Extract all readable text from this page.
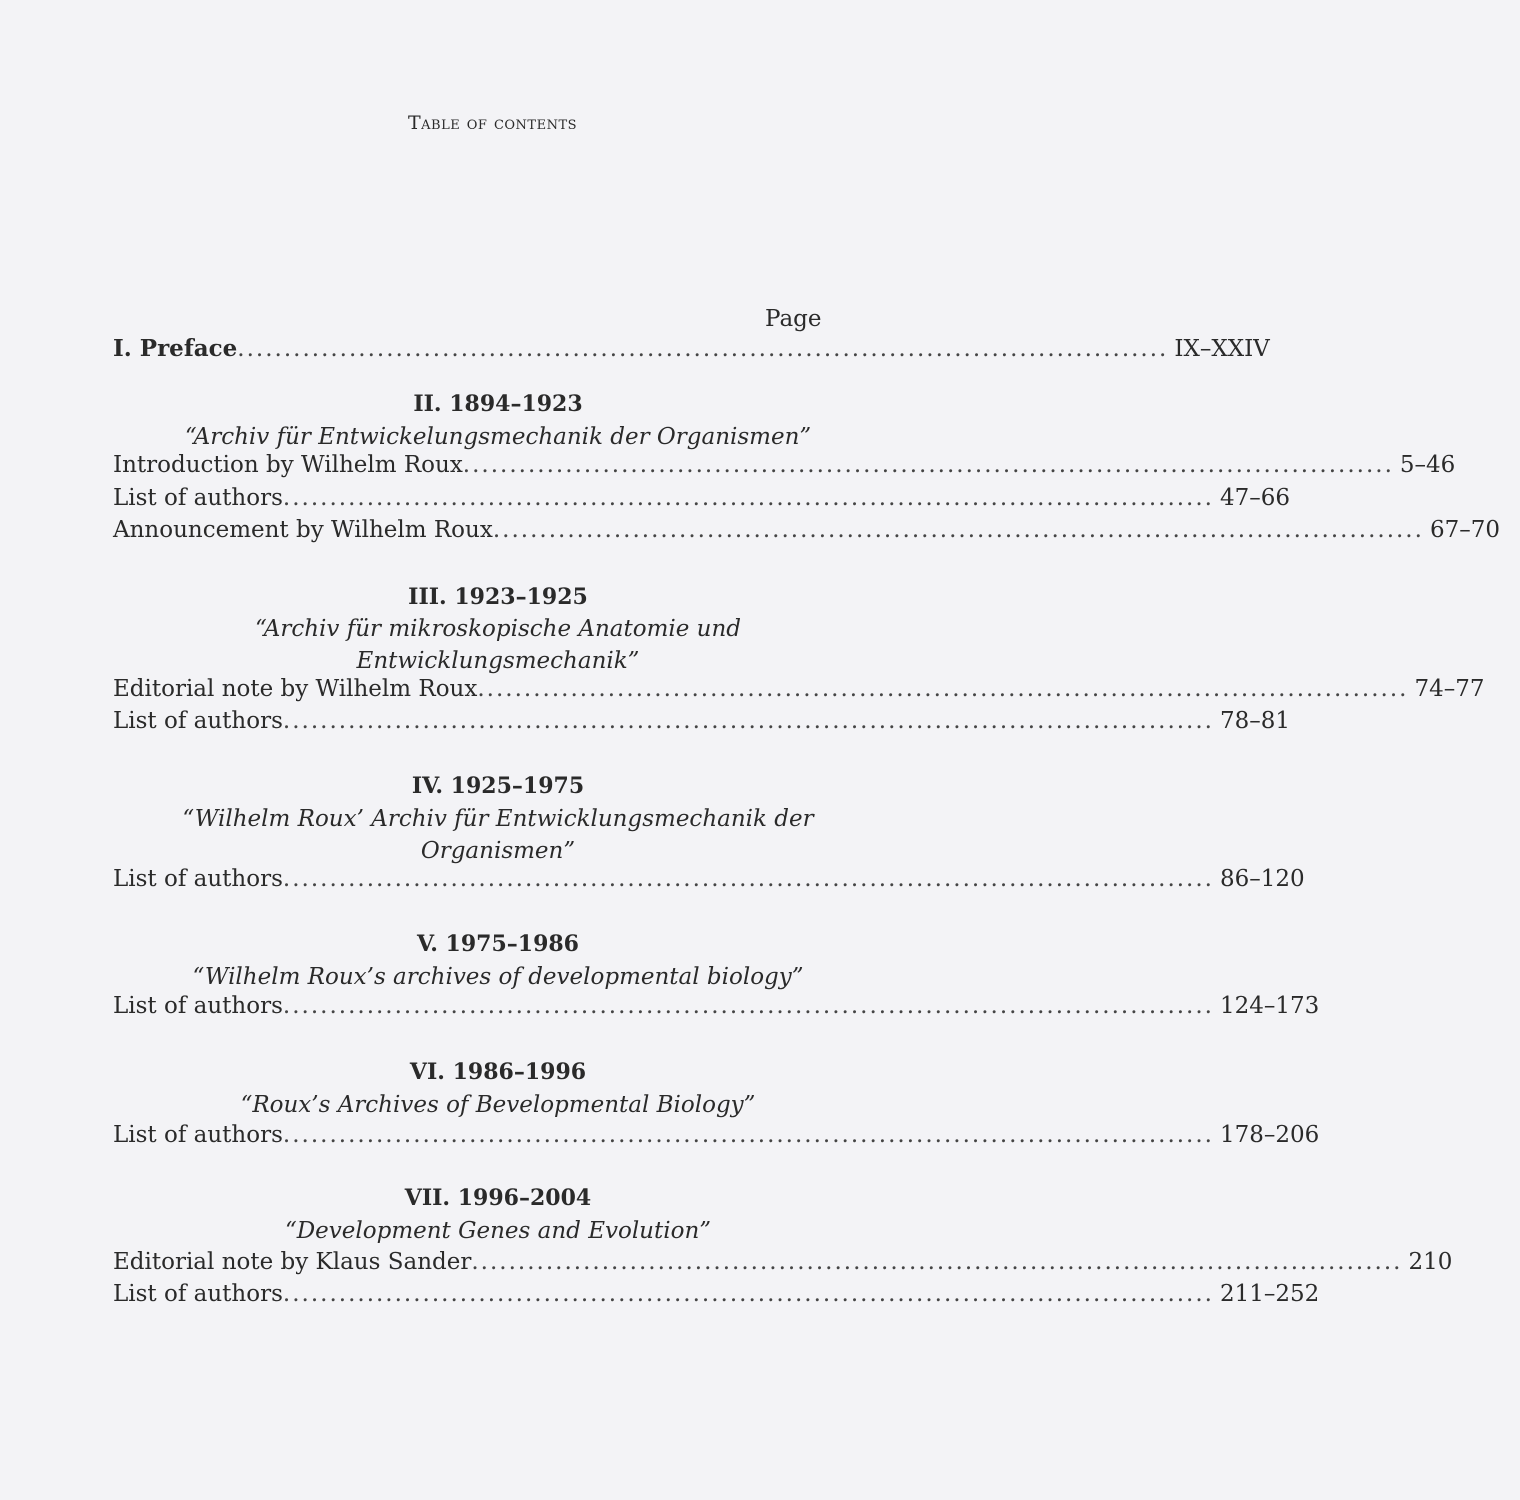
Table of contents
Page
I. Preface .................................................................................................... IX–XXIV
II. 1894–1923
“Archiv für Entwickelungsmechanik der Organismen”
Introduction by Wilhelm Roux .................................................................................................... 5–46
List of authors .................................................................................................... 47–66
Announcement by Wilhelm Roux .................................................................................................... 67–70
III. 1923–1925
“Archiv für mikroskopische Anatomie und Entwicklungsmechanik”
Editorial note by Wilhelm Roux .................................................................................................... 74–77
List of authors .................................................................................................... 78–81
IV. 1925–1975
“Wilhelm Roux’ Archiv für Entwicklungsmechanik der Organismen”
List of authors .................................................................................................... 86–120
V. 1975–1986
“Wilhelm Roux’s archives of developmental biology”
List of authors .................................................................................................... 124–173
VI. 1986–1996
“Roux’s Archives of Bevelopmental Biology”
List of authors .................................................................................................... 178–206
VII. 1996–2004
“Development Genes and Evolution”
Editorial note by Klaus Sander .................................................................................................... 210
List of authors .................................................................................................... 211–252
